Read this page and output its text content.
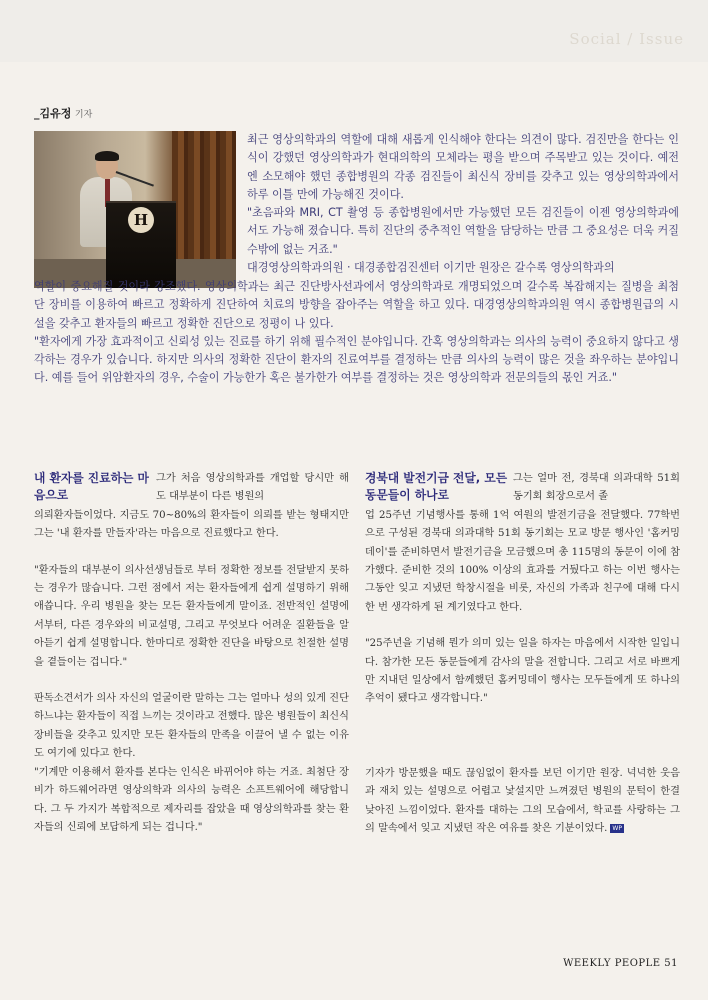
Social / Issue
_김유정 기자
H

최근 영상의학과의 역할에 대해 새롭게 인식해야 한다는 의견이 많다. 검진만을 한다는 인식이 강했던 영상의학과가 현대의학의 모체라는 평을 받으며 주목받고 있는 것이다. 예전엔 소모해야 했던 종합병원의 각종 검진들이 최신식 장비를 갖추고 있는 영상의학과에서 하루 이틀 만에 가능해진 것이다.

"초음파와 MRI, CT 촬영 등 종합병원에서만 가능했던 모든 검진들이 이젠 영상의학과에서도 가능해 졌습니다. 특히 진단의 중추적인 역할을 담당하는 만큼 그 중요성은 더욱 커질 수밖에 없는 거죠."

대경영상의학과의원 · 대경종합검진센터 이기만 원장은 갈수록 영상의학과의

역할이 중요해질 것이라 강조했다. 영상의학과는 최근 진단방사선과에서 영상의학과로 개명되었으며 갈수록 복잡해지는 질병을 최첨단 장비를 이용하여 빠르고 정확하게 진단하여 치료의 방향을 잡아주는 역할을 하고 있다. 대경영상의학과의원 역시 종합병원급의 시설을 갖추고 환자들의 빠르고 정확한 진단으로 정평이 나 있다.

"환자에게 가장 효과적이고 신뢰성 있는 진료를 하기 위해 필수적인 분야입니다. 간혹 영상의학과는 의사의 능력이 중요하지 않다고 생각하는 경우가 있습니다. 하지만 의사의 정확한 진단이 환자의 진료여부를 결정하는 만큼 의사의 능력이 많은 것을 좌우하는 분야입니다. 예를 들어 위암환자의 경우, 수술이 가능한가 혹은 불가한가 여부를 결정하는 것은 영상의학과 전문의들의 몫인 거죠."

내 환자를 진료하는 마음으로
그가 처음 영상의학과를 개업할 당시만 해도 대부분이 다른 병원의

의뢰환자들이었다. 지금도 70~80%의 환자들이 의뢰를 받는 형태지만 그는 '내 환자를 만들자'라는 마음으로 진료했다고 한다.

"환자들의 대부분이 의사선생님들로 부터 정확한 정보를 전달받지 못하는 경우가 많습니다. 그런 점에서 저는 환자들에게 쉽게 설명하기 위해 애씁니다. 우리 병원을 찾는 모든 환자들에게 말이죠. 전반적인 설명에서부터, 다른 경우와의 비교설명, 그리고 무엇보다 어려운 질환들을 알아듣기 쉽게 설명합니다. 한마디로 정확한 진단을 바탕으로 친절한 설명을 곁들이는 겁니다."

판독소견서가 의사 자신의 얼굴이란 말하는 그는 얼마나 성의 있게 진단하느냐는 환자들이 직접 느끼는 것이라고 전했다. 많은 병원들이 최신식 장비들을 갖추고 있지만 모든 환자들의 만족을 이끌어 낼 수 없는 이유도 여기에 있다고 한다.

"기계만 이용해서 환자를 본다는 인식은 바뀌어야 하는 거죠. 최첨단 장비가 하드웨어라면 영상의학과 의사의 능력은 소프트웨어에 해당합니다. 그 두 가지가 복합적으로 제자리를 잡았을 때 영상의학과를 찾는 환자들의 신뢰에 보답하게 되는 겁니다."

경북대 발전기금 전달, 모든 동문들이 하나로
그는 얼마 전, 경북대 의과대학 51회 동기회 회장으로서 졸

업 25주년 기념행사를 통해 1억 여원의 발전기금을 전달했다. 77학번으로 구성된 경북대 의과대학 51회 동기회는 모교 방문 행사인 '홈커밍데이'를 준비하면서 발전기금을 모금했으며 총 115명의 동문이 이에 참가했다. 준비한 것의 100% 이상의 효과를 거뒀다고 하는 이번 행사는 그동안 잊고 지냈던 학창시절을 비롯, 자신의 가족과 친구에 대해 다시 한 번 생각하게 된 계기였다고 한다.

"25주년을 기념해 뭔가 의미 있는 일을 하자는 마음에서 시작한 일입니다. 참가한 모든 동문들에게 감사의 말을 전합니다. 그리고 서로 바쁘게만 지내던 일상에서 함께했던 홈커밍데이 행사는 모두들에게 또 하나의 추억이 됐다고 생각합니다."

기자가 방문했을 때도 끊임없이 환자를 보던 이기만 원장. 넉넉한 웃음과 재치 있는 설명으로 어렵고 낯설지만 느껴졌던 병원의 문턱이 한결 낮아진 느낌이었다. 환자를 대하는 그의 모습에서, 학교를 사랑하는 그의 말속에서 잊고 지냈던 작은 여유를 찾은 기분이었다. WP

WEEKLY PEOPLE 51
